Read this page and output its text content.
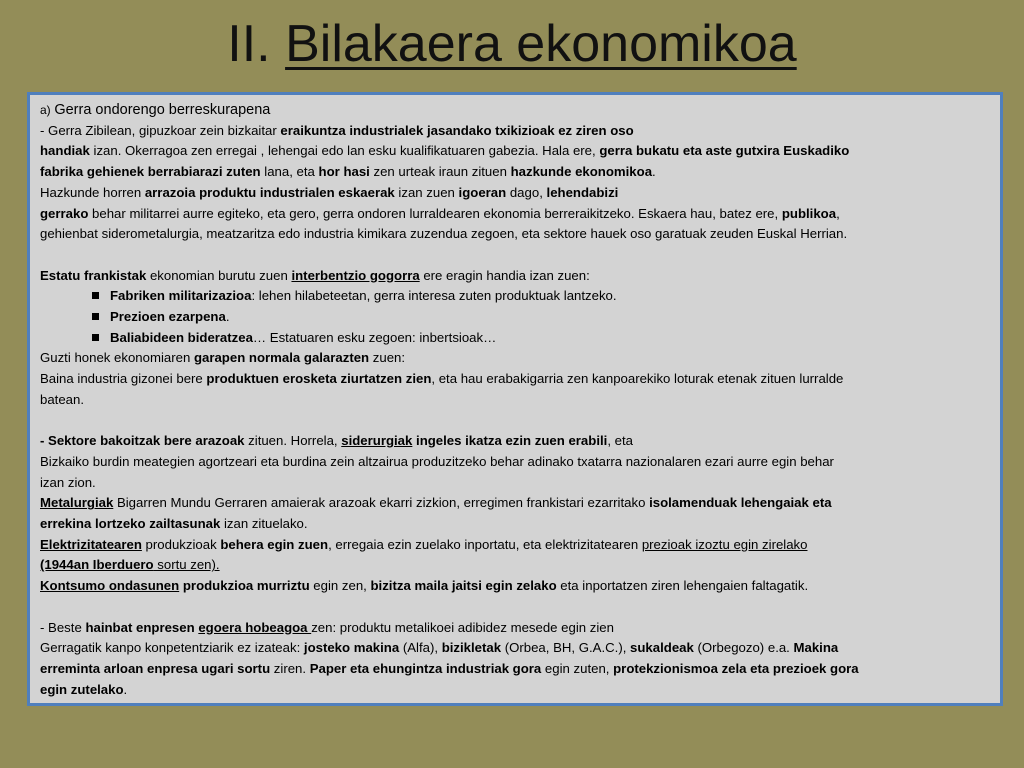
II. Bilakaera ekonomikoa

a) Gerra ondorengo berreskurapena

- Gerra Zibilean, gipuzkoar zein bizkaitar eraikuntza industrialek jasandako txikizioak ez ziren oso
handiak izan. Okerragoa zen erregai , lehengai edo lan esku kualifikatuaren gabezia. Hala ere, gerra bukatu eta aste gutxira Euskadiko
fabrika gehienek berrabiarazi zuten lana, eta hor hasi zen urteak iraun zituen hazkunde ekonomikoa.

Hazkunde horren arrazoia produktu industrialen eskaerak izan zuen igoeran dago, lehendabizi
gerrako behar militarrei aurre egiteko, eta gero, gerra ondoren lurraldearen ekonomia berreraikitzeko. Eskaera hau, batez ere, publikoa,
gehienbat siderometalurgia, meatzaritza edo industria kimikara zuzendua zegoen, eta sektore hauek oso garatuak zeuden Euskal Herrian.

Estatu frankistak ekonomian burutu zuen interbentzio gogorra ere eragin handia izan zuen:

Fabriken militarizazioa: lehen hilabeteetan, gerra interesa zuten produktuak lantzeko.
Prezioen ezarpena.
Baliabideen bideratzea… Estatuaren esku zegoen: inbertsioak…

Guzti honek ekonomiaren garapen normala galarazten zuen:

Baina industria gizonei bere produktuen erosketa ziurtatzen zien, eta hau erabakigarria zen kanpoarekiko loturak etenak zituen lurralde
batean.

- Sektore bakoitzak bere arazoak zituen. Horrela, siderurgiak ingeles ikatza ezin zuen erabili, eta
Bizkaiko burdin meategien agortzeari eta burdina zein altzairua produzitzeko behar adinako txatarra nazionalaren ezari aurre egin behar
izan zion.

Metalurgiak Bigarren Mundu Gerraren amaierak arazoak ekarri zizkion, erregimen frankistari ezarritako isolamenduak lehengaiak eta
errekina lortzeko zailtasunak izan zituelako.

Elektrizitatearen produkzioak behera egin zuen, erregaia ezin zuelako inportatu, eta elektrizitatearen prezioak izoztu egin zirelako
(1944an Iberduero sortu zen).

Kontsumo ondasunen produkzioa murriztu egin zen, bizitza maila jaitsi egin zelako eta inportatzen ziren lehengaien faltagatik.

- Beste hainbat enpresen egoera hobeagoa zen: produktu metalikoei adibidez mesede egin zien

Gerragatik kanpo konpetentziarik ez izateak: josteko makina (Alfa), bizikletak (Orbea, BH, G.A.C.), sukaldeak (Orbegozo) e.a. Makina
erreminta arloan enpresa ugari sortu ziren. Paper eta ehungintza industriak gora egin zuten, protekzionismoa zela eta prezioek gora
egin zutelako.
